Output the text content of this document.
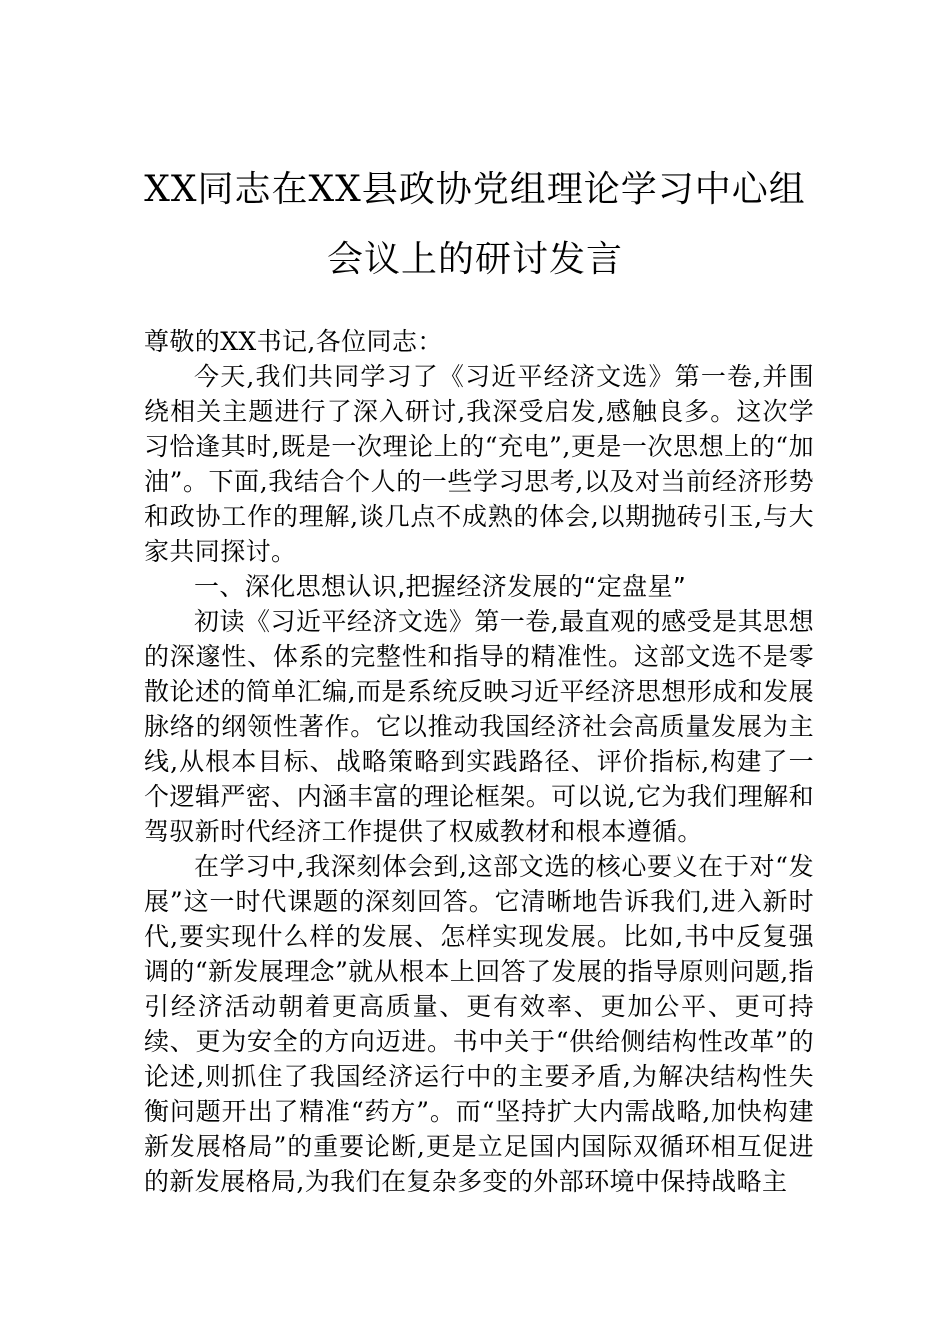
XX同志在XX县政协党组理论学习中心组
会议上的研讨发言

尊敬的XX书记,各位同志：

今天,我们共同学习了《习近平经济文选》第一卷,并围绕相关主题进行了深入研讨,我深受启发,感触良多。这次学习恰逢其时,既是一次理论上的“充电”,更是一次思想上的“加油”。下面,我结合个人的一些学习思考,以及对当前经济形势和政协工作的理解,谈几点不成熟的体会,以期抛砖引玉,与大家共同探讨。

一、深化思想认识,把握经济发展的“定盘星”

初读《习近平经济文选》第一卷,最直观的感受是其思想的深邃性、体系的完整性和指导的精准性。这部文选不是零散论述的简单汇编,而是系统反映习近平经济思想形成和发展脉络的纲领性著作。它以推动我国经济社会高质量发展为主线,从根本目标、战略策略到实践路径、评价指标,构建了一个逻辑严密、内涵丰富的理论框架。可以说,它为我们理解和驾驭新时代经济工作提供了权威教材和根本遵循。

在学习中,我深刻体会到,这部文选的核心要义在于对“发展”这一时代课题的深刻回答。它清晰地告诉我们,进入新时代,要实现什么样的发展、怎样实现发展。比如,书中反复强调的“新发展理念”就从根本上回答了发展的指导原则问题,指引经济活动朝着更高质量、更有效率、更加公平、更可持续、更为安全的方向迈进。书中关于“供给侧结构性改革”的论述,则抓住了我国经济运行中的主要矛盾,为解决结构性失衡问题开出了精准“药方”。而“坚持扩大内需战略,加快构建新发展格局”的重要论断,更是立足国内国际双循环相互促进的新发展格局,为我们在复杂多变的外部环境中保持战略主
